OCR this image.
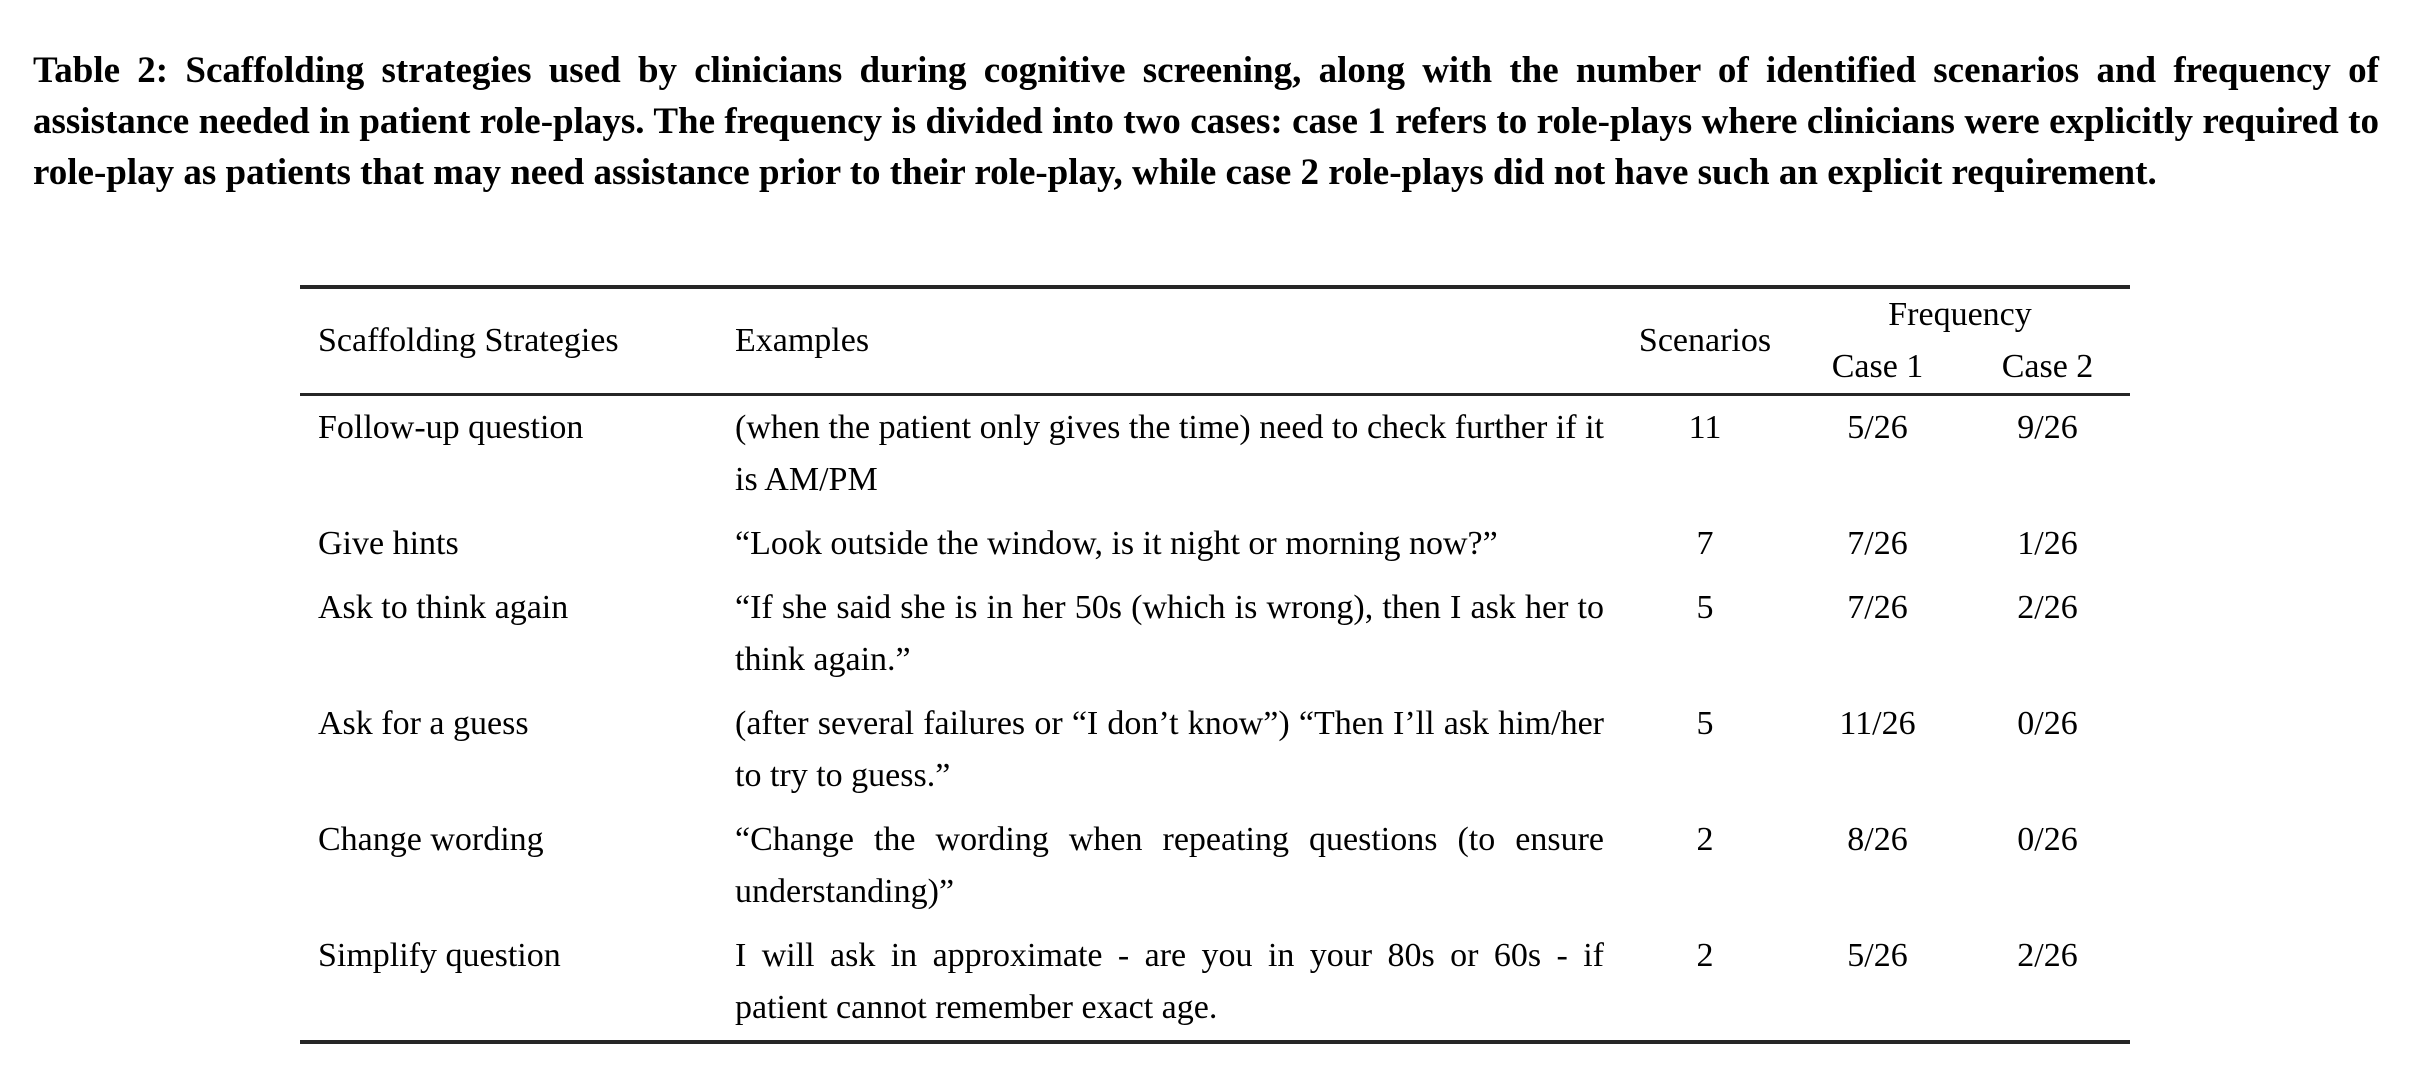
Table 2: Scaffolding strategies used by clinicians during cognitive screening, along with the number of identified scenarios and frequency of assistance needed in patient role-plays. The frequency is divided into two cases: case 1 refers to role-plays where clinicians were explicitly required to role-play as patients that may need assistance prior to their role-play, while case 2 role-plays did not have such an explicit requirement.

Scaffolding Strategies	Examples	Scenarios	Frequency	
			Case 1	Case 2
Follow-up question	(when the patient only gives the time) need to check further if it is AM/PM	11	5/26	9/26
Give hints	“Look outside the window, is it night or morning now?”	7	7/26	1/26
Ask to think again	“If she said she is in her 50s (which is wrong), then I ask her to think again.”	5	7/26	2/26
Ask for a guess	(after several failures or “I don’t know”) “Then I’ll ask him/her to try to guess.”	5	11/26	0/26
Change wording	“Change the wording when repeating questions (to ensure understanding)”	2	8/26	0/26
Simplify question	I will ask in approximate - are you in your 80s or 60s - if patient cannot remember exact age.	2	5/26	2/26
